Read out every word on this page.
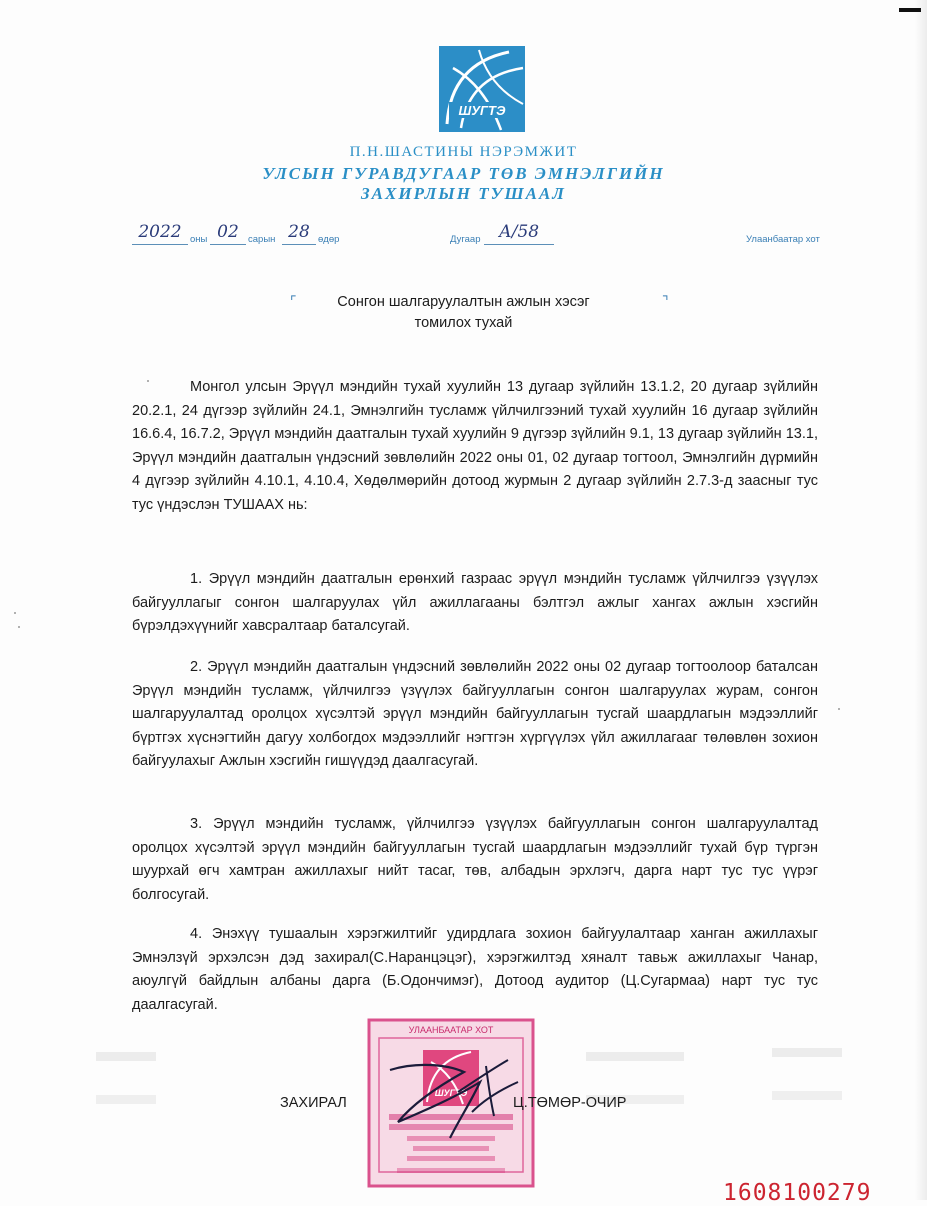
ШУГТЭ
П.Н.ШАСТИНЫ НЭРЭМЖИТ
УЛСЫН ГУРАВДУГААР ТӨВ ЭМНЭЛГИЙН
ЗАХИРЛЫН ТУШААЛ
2022 оны 02 сарын 28 өдөр	Дугаар	А/58	Улаанбаатар хот
⌜	⌝
Сонгон шалгаруулалтын ажлын хэсэг
томилох тухай
Монгол улсын Эрүүл мэндийн тухай хуулийн 13 дугаар зүйлийн 13.1.2, 20 дугаар зүйлийн 20.2.1, 24 дүгээр зүйлийн 24.1, Эмнэлгийн тусламж үйлчилгээний тухай хуулийн 16 дугаар зүйлийн 16.6.4, 16.7.2, Эрүүл мэндийн даатгалын тухай хуулийн 9 дүгээр зүйлийн 9.1, 13 дугаар зүйлийн 13.1, Эрүүл мэндийн даатгалын үндэсний зөвлөлийн 2022 оны 01, 02 дугаар тогтоол, Эмнэлгийн дүрмийн 4 дүгээр зүйлийн 4.10.1, 4.10.4, Хөдөлмөрийн дотоод журмын 2 дугаар зүйлийн 2.7.3-д заасныг тус тус үндэслэн ТУШААХ нь:
1. Эрүүл мэндийн даатгалын ерөнхий газраас эрүүл мэндийн тусламж үйлчилгээ үзүүлэх байгууллагыг сонгон шалгаруулах үйл ажиллагааны бэлтгэл ажлыг хангах ажлын хэсгийн бүрэлдэхүүнийг хавсралтаар баталсугай.
2. Эрүүл мэндийн даатгалын үндэсний зөвлөлийн 2022 оны 02 дугаар тогтоолоор баталсан Эрүүл мэндийн тусламж, үйлчилгээ үзүүлэх байгууллагын сонгон шалгаруулах журам, сонгон шалгаруулалтад оролцох хүсэлтэй эрүүл мэндийн байгууллагын тусгай шаардлагын мэдээллийг бүртгэх хүснэгтийн дагуу холбогдох мэдээллийг нэгтгэн хүргүүлэх үйл ажиллагааг төлөвлөн зохион байгуулахыг Ажлын хэсгийн гишүүдэд даалгасугай.
3. Эрүүл мэндийн тусламж, үйлчилгээ үзүүлэх байгууллагын сонгон шалгаруулалтад оролцох хүсэлтэй эрүүл мэндийн байгууллагын тусгай шаардлагын мэдээллийг тухай бүр түргэн шуурхай өгч хамтран ажиллахыг нийт тасаг, төв, албадын эрхлэгч, дарга нарт тус тус үүрэг болгосугай.
4. Энэхүү тушаалын хэрэгжилтийг удирдлага зохион байгуулалтаар ханган ажиллахыг Эмнэлзүй эрхэлсэн дэд захирал(С.Наранцэцэг), хэрэгжилтэд хяналт тавьж ажиллахыг Чанар, аюулгүй байдлын албаны дарга (Б.Одончимэг), Дотоод аудитор (Ц.Сугармаа) нарт тус тус даалгасугай.
УЛААНБААТАР ХОТ
ШУГТЭ
ЗАХИРАЛ	Ц.ТӨМӨР-ОЧИР
1608100279
